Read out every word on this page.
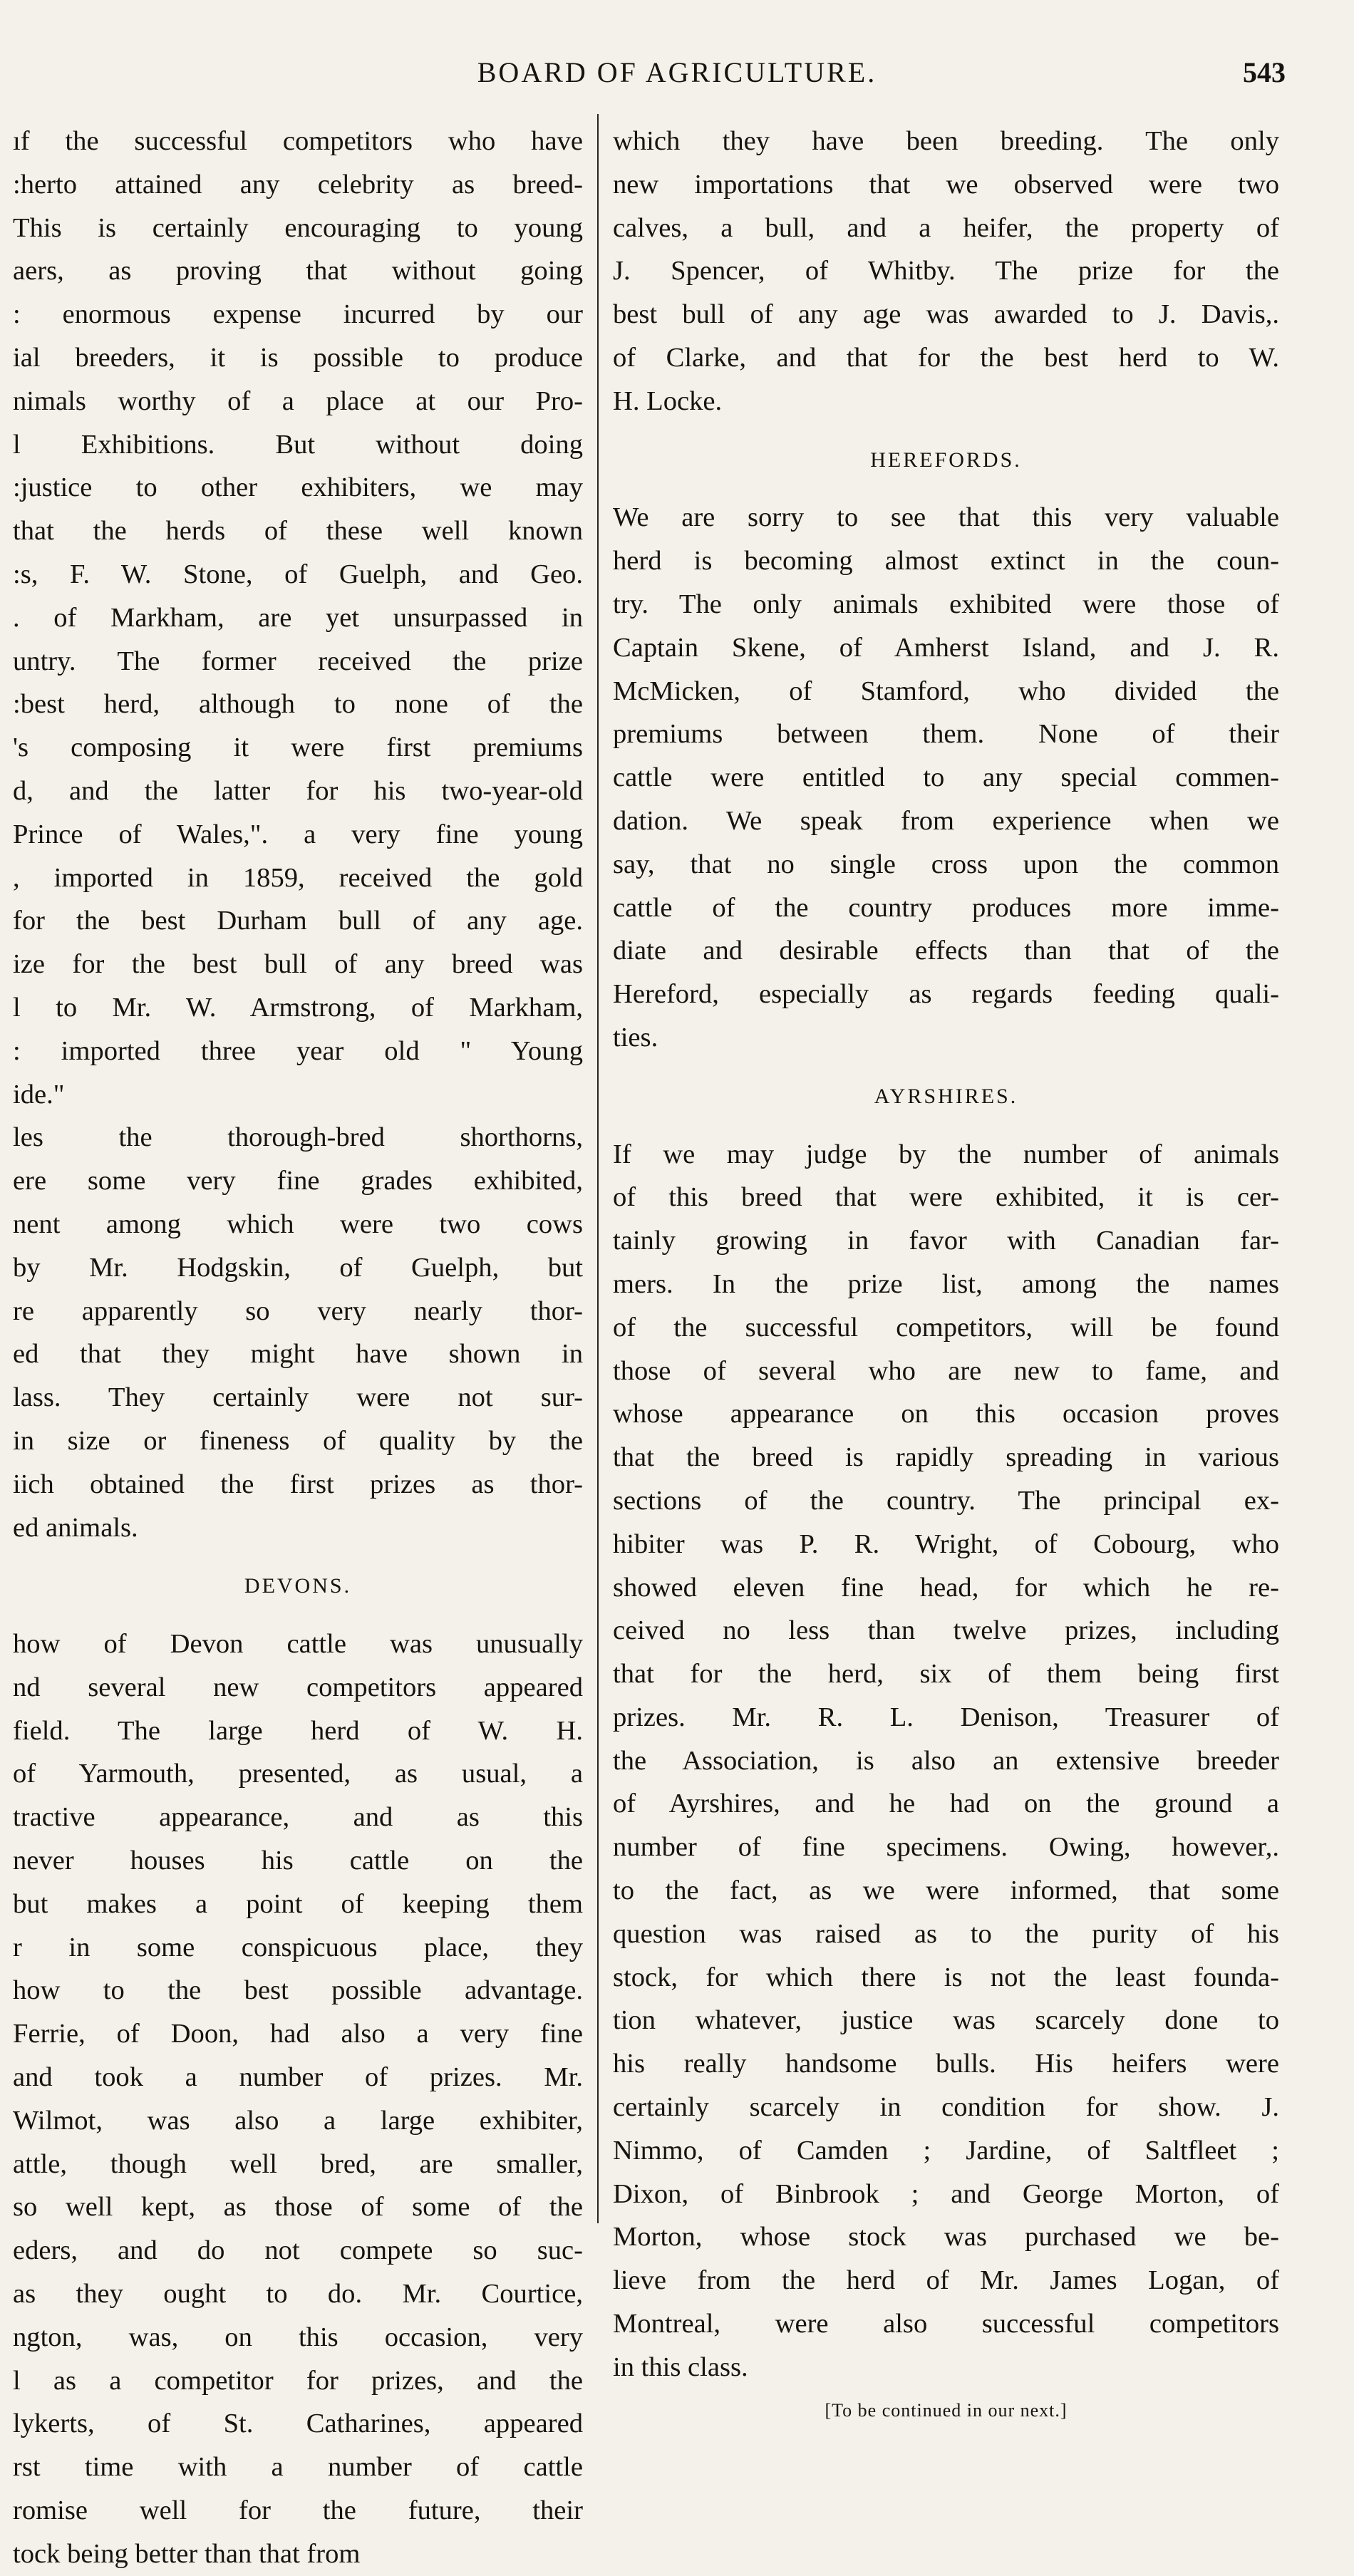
BOARD OF AGRICULTURE.	543

ıf the successful competitors who have

:herto attained any celebrity as breed-

This is certainly encouraging to young

aers, as proving that without going

: enormous expense incurred by our

ial breeders, it is possible to produce

nimals worthy of a place at our Pro-

l Exhibitions. But without doing

:justice to other exhibiters, we may

that the herds of these well known

:s, F. W. Stone, of Guelph, and Geo.

. of Markham, are yet unsurpassed in

untry. The former received the prize

:best herd, although to none of the

's composing it were first premiums

d, and the latter for his two-year-old

Prince of Wales,". a very fine young

, imported in 1859, received the gold

for the best Durham bull of any age.

ize for the best bull of any breed was

l to Mr. W. Armstrong, of Markham,

: imported three year old " Young

ide."

les the thorough-bred shorthorns,

ere some very fine grades exhibited,

nent among which were two cows

by Mr. Hodgskin, of Guelph, but

re apparently so very nearly thor-

ed that they might have shown in

lass. They certainly were not sur-

in size or fineness of quality by the

iich obtained the first prizes as thor-

ed animals.

DEVONS.

how of Devon cattle was unusually

nd several new competitors appeared

field. The large herd of W. H.

of Yarmouth, presented, as usual, a

tractive appearance, and as this

never houses his cattle on the

but makes a point of keeping them

r in some conspicuous place, they

how to the best possible advantage.

Ferrie, of Doon, had also a very fine

and took a number of prizes. Mr.

Wilmot, was also a large exhibiter,

attle, though well bred, are smaller,

so well kept, as those of some of the

eders, and do not compete so suc-

as they ought to do. Mr. Courtice,

ngton, was, on this occasion, very

l as a competitor for prizes, and the

lykerts, of St. Catharines, appeared

rst time with a number of cattle

romise well for the future, their

tock being better than that from

which they have been breeding. The only

new importations that we observed were two

calves, a bull, and a heifer, the property of

J. Spencer, of Whitby. The prize for the

best bull of any age was awarded to J. Davis,.

of Clarke, and that for the best herd to W.

H. Locke.

HEREFORDS.

We are sorry to see that this very valuable

herd is becoming almost extinct in the coun-

try. The only animals exhibited were those of

Captain Skene, of Amherst Island, and J. R.

McMicken, of Stamford, who divided the

premiums between them. None of their

cattle were entitled to any special commen-

dation. We speak from experience when we

say, that no single cross upon the common

cattle of the country produces more imme-

diate and desirable effects than that of the

Hereford, especially as regards feeding quali-

ties.

AYRSHIRES.

If we may judge by the number of animals

of this breed that were exhibited, it is cer-

tainly growing in favor with Canadian far-

mers. In the prize list, among the names

of the successful competitors, will be found

those of several who are new to fame, and

whose appearance on this occasion proves

that the breed is rapidly spreading in various

sections of the country. The principal ex-

hibiter was P. R. Wright, of Cobourg, who

showed eleven fine head, for which he re-

ceived no less than twelve prizes, including

that for the herd, six of them being first

prizes. Mr. R. L. Denison, Treasurer of

the Association, is also an extensive breeder

of Ayrshires, and he had on the ground a

number of fine specimens. Owing, however,.

to the fact, as we were informed, that some

question was raised as to the purity of his

stock, for which there is not the least founda-

tion whatever, justice was scarcely done to

his really handsome bulls. His heifers were

certainly scarcely in condition for show. J.

Nimmo, of Camden ; Jardine, of Saltfleet ;

Dixon, of Binbrook ; and George Morton, of

Morton, whose stock was purchased we be-

lieve from the herd of Mr. James Logan, of

Montreal, were also successful competitors

in this class.

[To be continued in our next.]
